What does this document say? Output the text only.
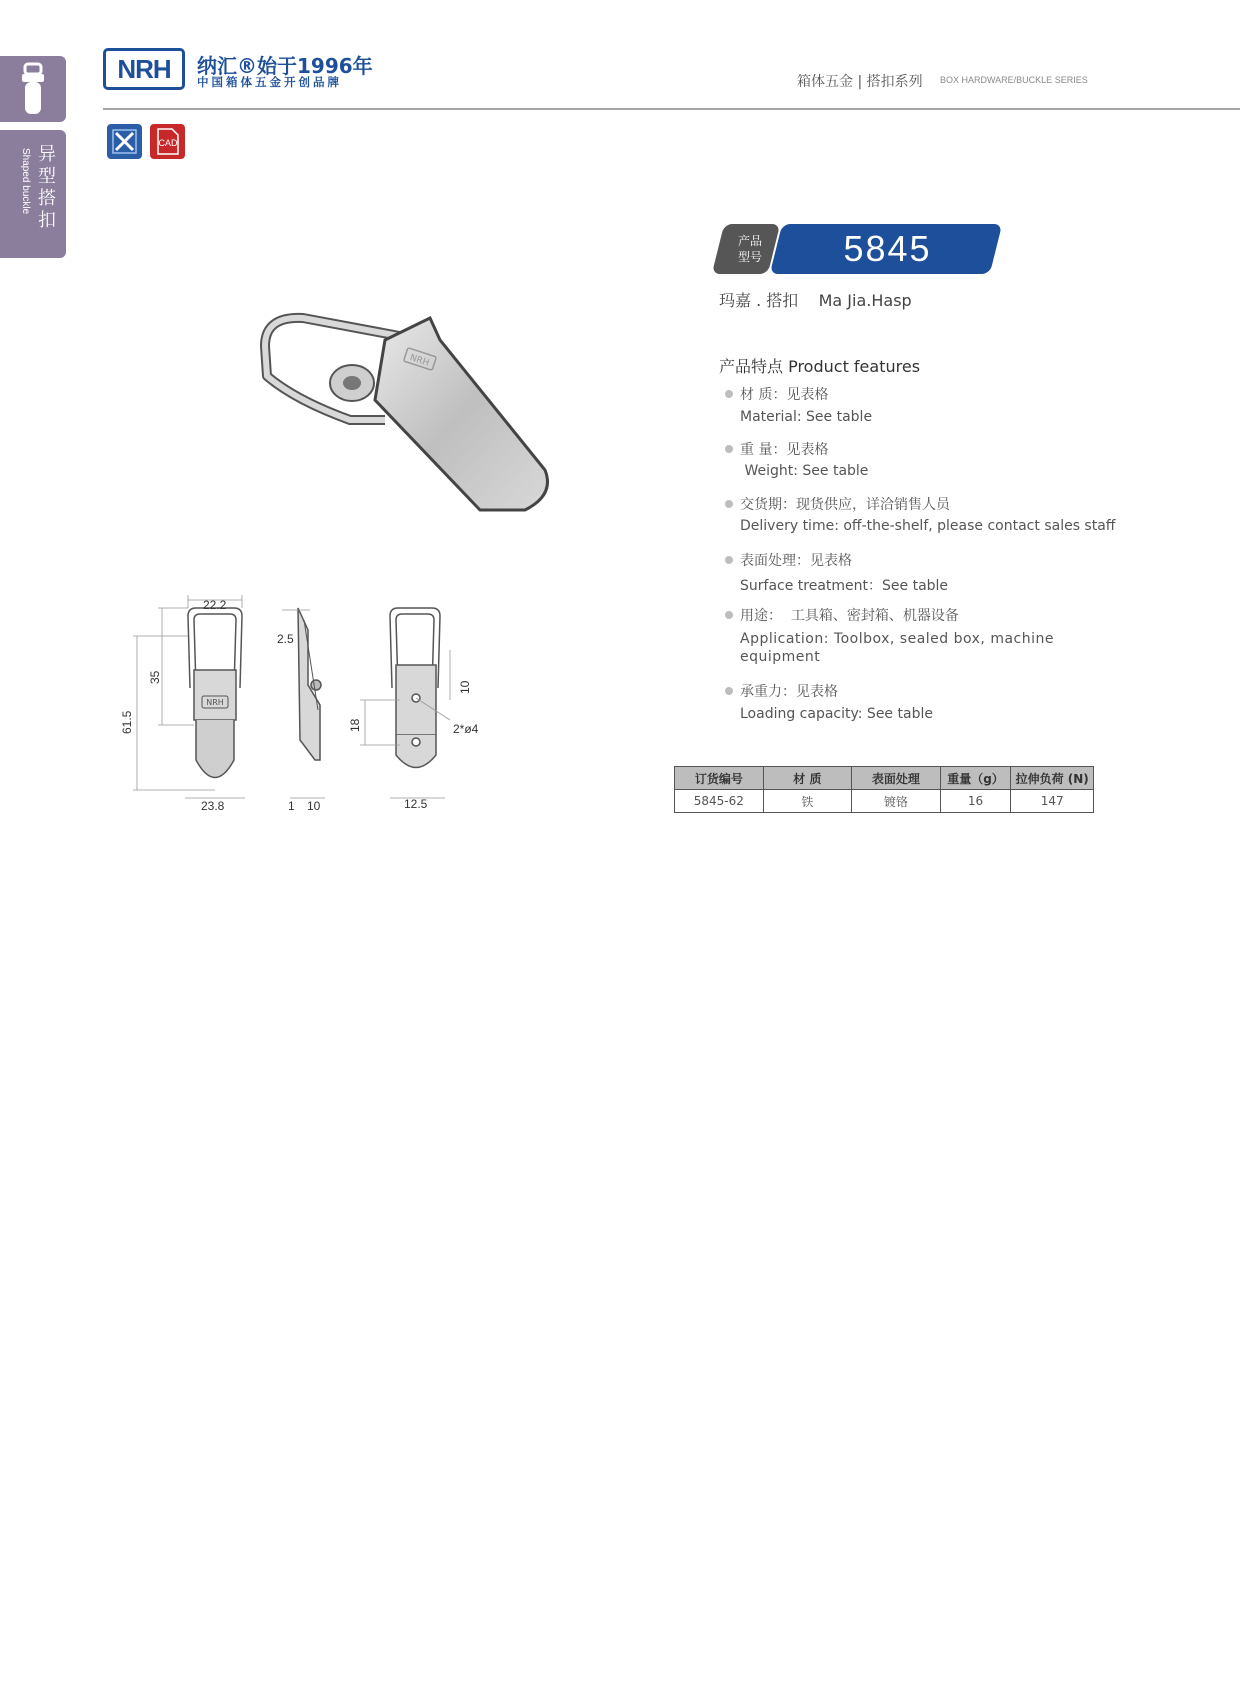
异型搭扣
Shaped buckle
NRH	纳汇®始于1996年
中国箱体五金开创品牌	箱体五金 | 搭扣系列 BOX HARDWARE/BUCKLE SERIES
CAD
NRH
NRH
22.2
35
61.5
23.8
2.5
1 10
10
18	2*ø4
12.5
产品
型号	5845
玛嘉 . 搭扣    Ma Jia.Hasp
产品特点 Product features
材 质：见表格
Material: See table
重 量：见表格
Weight: See table
交货期：现货供应，详洽销售人员
Delivery time: off-the-shelf, please contact sales staff
表面处理：见表格
Surface treatment：See table
用途：  工具箱、密封箱、机器设备
Application: Toolbox, sealed box, machine equipment
承重力：见表格
Loading capacity: See table
订货编号	材 质	表面处理	重量（g）	拉伸负荷 (N)
5845-62	铁	镀铬	16	147
